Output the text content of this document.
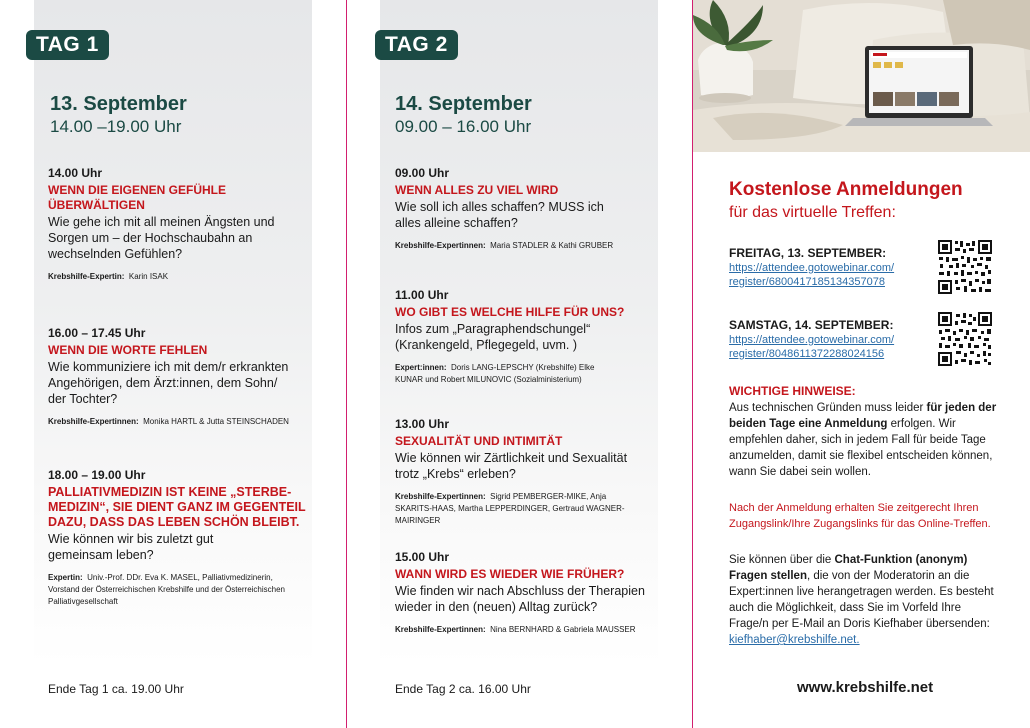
TAG 1
13. September
14.00 –19.00 Uhr
14.00 Uhr
WENN DIE EIGENEN GEFÜHLE ÜBERWÄLTIGEN
Wie gehe ich mit all meinen Ängsten und Sorgen um – der Hochschaubahn an wechselnden Gefühlen?
Krebshilfe-Expertin: Karin ISAK
16.00 – 17.45 Uhr
WENN DIE WORTE FEHLEN
Wie kommuniziere ich mit dem/r erkrankten Angehörigen, dem Ärzt:innen, dem Sohn/ der Tochter?
Krebshilfe-Expertinnen: Monika HARTL & Jutta STEINSCHADEN
18.00 – 19.00 Uhr
PALLIATIVMEDIZIN IST KEINE „STERBE-MEDIZIN“, SIE DIENT GANZ IM GEGENTEIL DAZU, DASS DAS LEBEN SCHÖN BLEIBT.
Wie können wir bis zuletzt gut gemeinsam leben?
Expertin: Univ.-Prof. DDr. Eva K. MASEL, Palliativmedizinerin, Vorstand der Österreichischen Krebshilfe und der Österreichischen Palliativgesellschaft
Ende Tag 1 ca. 19.00 Uhr
TAG 2
14. September
09.00 – 16.00 Uhr
09.00 Uhr
WENN ALLES ZU VIEL WIRD
Wie soll ich alles schaffen? MUSS ich alles alleine schaffen?
Krebshilfe-Expertinnen: Maria STADLER & Kathi GRUBER
11.00 Uhr
WO GIBT ES WELCHE HILFE FÜR UNS?
Infos zum „Paragraphendschungel“ (Krankengeld, Pflegegeld, uvm. )
Expert:innen: Doris LANG-LEPSCHY (Krebshilfe) Elke KUNAR und Robert MILUNOVIC (Sozialministerium)
13.00 Uhr
SEXUALITÄT UND INTIMITÄT
Wie können wir Zärtlichkeit und Sexualität trotz „Krebs“ erleben?
Krebshilfe-Expertinnen: Sigrid PEMBERGER-MIKE, Anja SKARITS-HAAS, Martha LEPPERDINGER, Gertraud WAGNER-MAIRINGER
15.00 Uhr
WANN WIRD ES WIEDER WIE FRÜHER?
Wie finden wir nach Abschluss der Therapien wieder in den (neuen) Alltag zurück?
Krebshilfe-Expertinnen: Nina BERNHARD & Gabriela MAUSSER
Ende Tag 2 ca. 16.00 Uhr
Kostenlose Anmeldungen
für das virtuelle Treffen:
FREITAG, 13. SEPTEMBER:
https://attendee.gotowebinar.com/
register/6800417185134357078
SAMSTAG, 14. SEPTEMBER:
https://attendee.gotowebinar.com/
register/8048611372288024156
WICHTIGE HINWEISE:
Aus technischen Gründen muss leider für jeden der beiden Tage eine Anmeldung erfolgen. Wir empfehlen daher, sich in jedem Fall für beide Tage anzumelden, damit sie flexibel entscheiden können, wann Sie dabei sein wollen.
Nach der Anmeldung erhalten Sie zeitgerecht Ihren Zugangslink/Ihre Zugangslinks für das Online-Treffen.
Sie können über die Chat-Funktion (anonym) Fragen stellen, die von der Moderatorin an die Expert:innen live herangetragen werden. Es besteht auch die Möglichkeit, dass Sie im Vorfeld Ihre Frage/n per E-Mail an Doris Kiefhaber übersenden: kiefhaber@krebshilfe.net.
www.krebshilfe.net
